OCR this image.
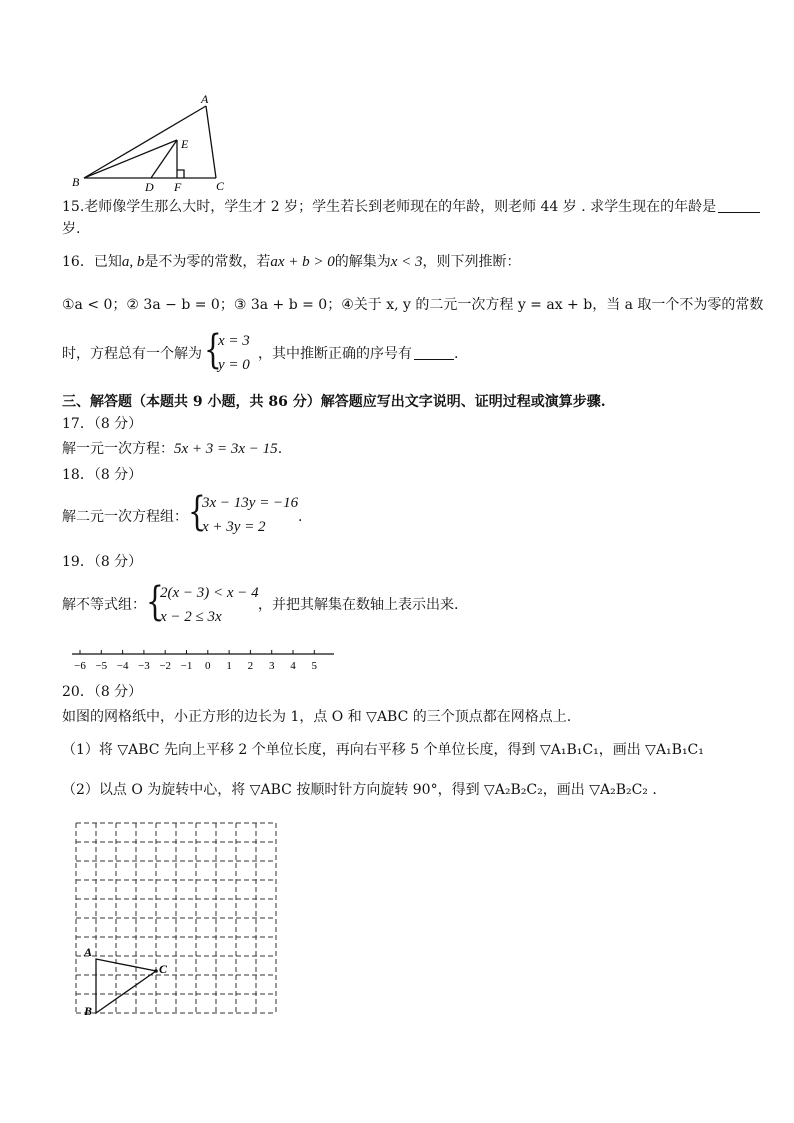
A
B	C
D
E
F
15.老师像学生那么大时，学生才 2 岁；学生若长到老师现在的年龄，则老师 44 岁 . 求学生现在的年龄是
岁.
16．已知a, b是不为零的常数，若ax + b > 0的解集为x < 3，则下列推断：
①a < 0；② 3a − b = 0；③ 3a + b = 0；④关于 x, y 的二元一次方程 y = ax + b，当 a 取一个不为零的常数
时，方程总有一个解为 {
x = 3
y = 0
，其中推断正确的序号有	.
三、解答题（本题共 9 小题，共 86 分）解答题应写出文字说明、证明过程或演算步骤.
17．（8 分）
解一元一次方程：5x + 3 = 3x − 15.
18．（8 分）
解二元一次方程组： {
3x − 13y = −16
x + 3y = 2
.
19．（8 分）
解不等式组： {
2(x − 3) < x − 4
x − 2 ≤ 3x
，并把其解集在数轴上表示出来.
−6 −5 −4 −3 −2 −1 0 1 2 3 4 5
20．（8 分）
如图的网格纸中，小正方形的边长为 1，点 O 和 ▽ABC 的三个顶点都在网格点上.
（1）将 ▽ABC 先向上平移 2 个单位长度，再向右平移 5 个单位长度，得到 ▽A₁B₁C₁，画出 ▽A₁B₁C₁
（2）以点 O 为旋转中心，将 ▽ABC 按顺时针方向旋转 90°，得到 ▽A₂B₂C₂，画出 ▽A₂B₂C₂ .
A
B
C
